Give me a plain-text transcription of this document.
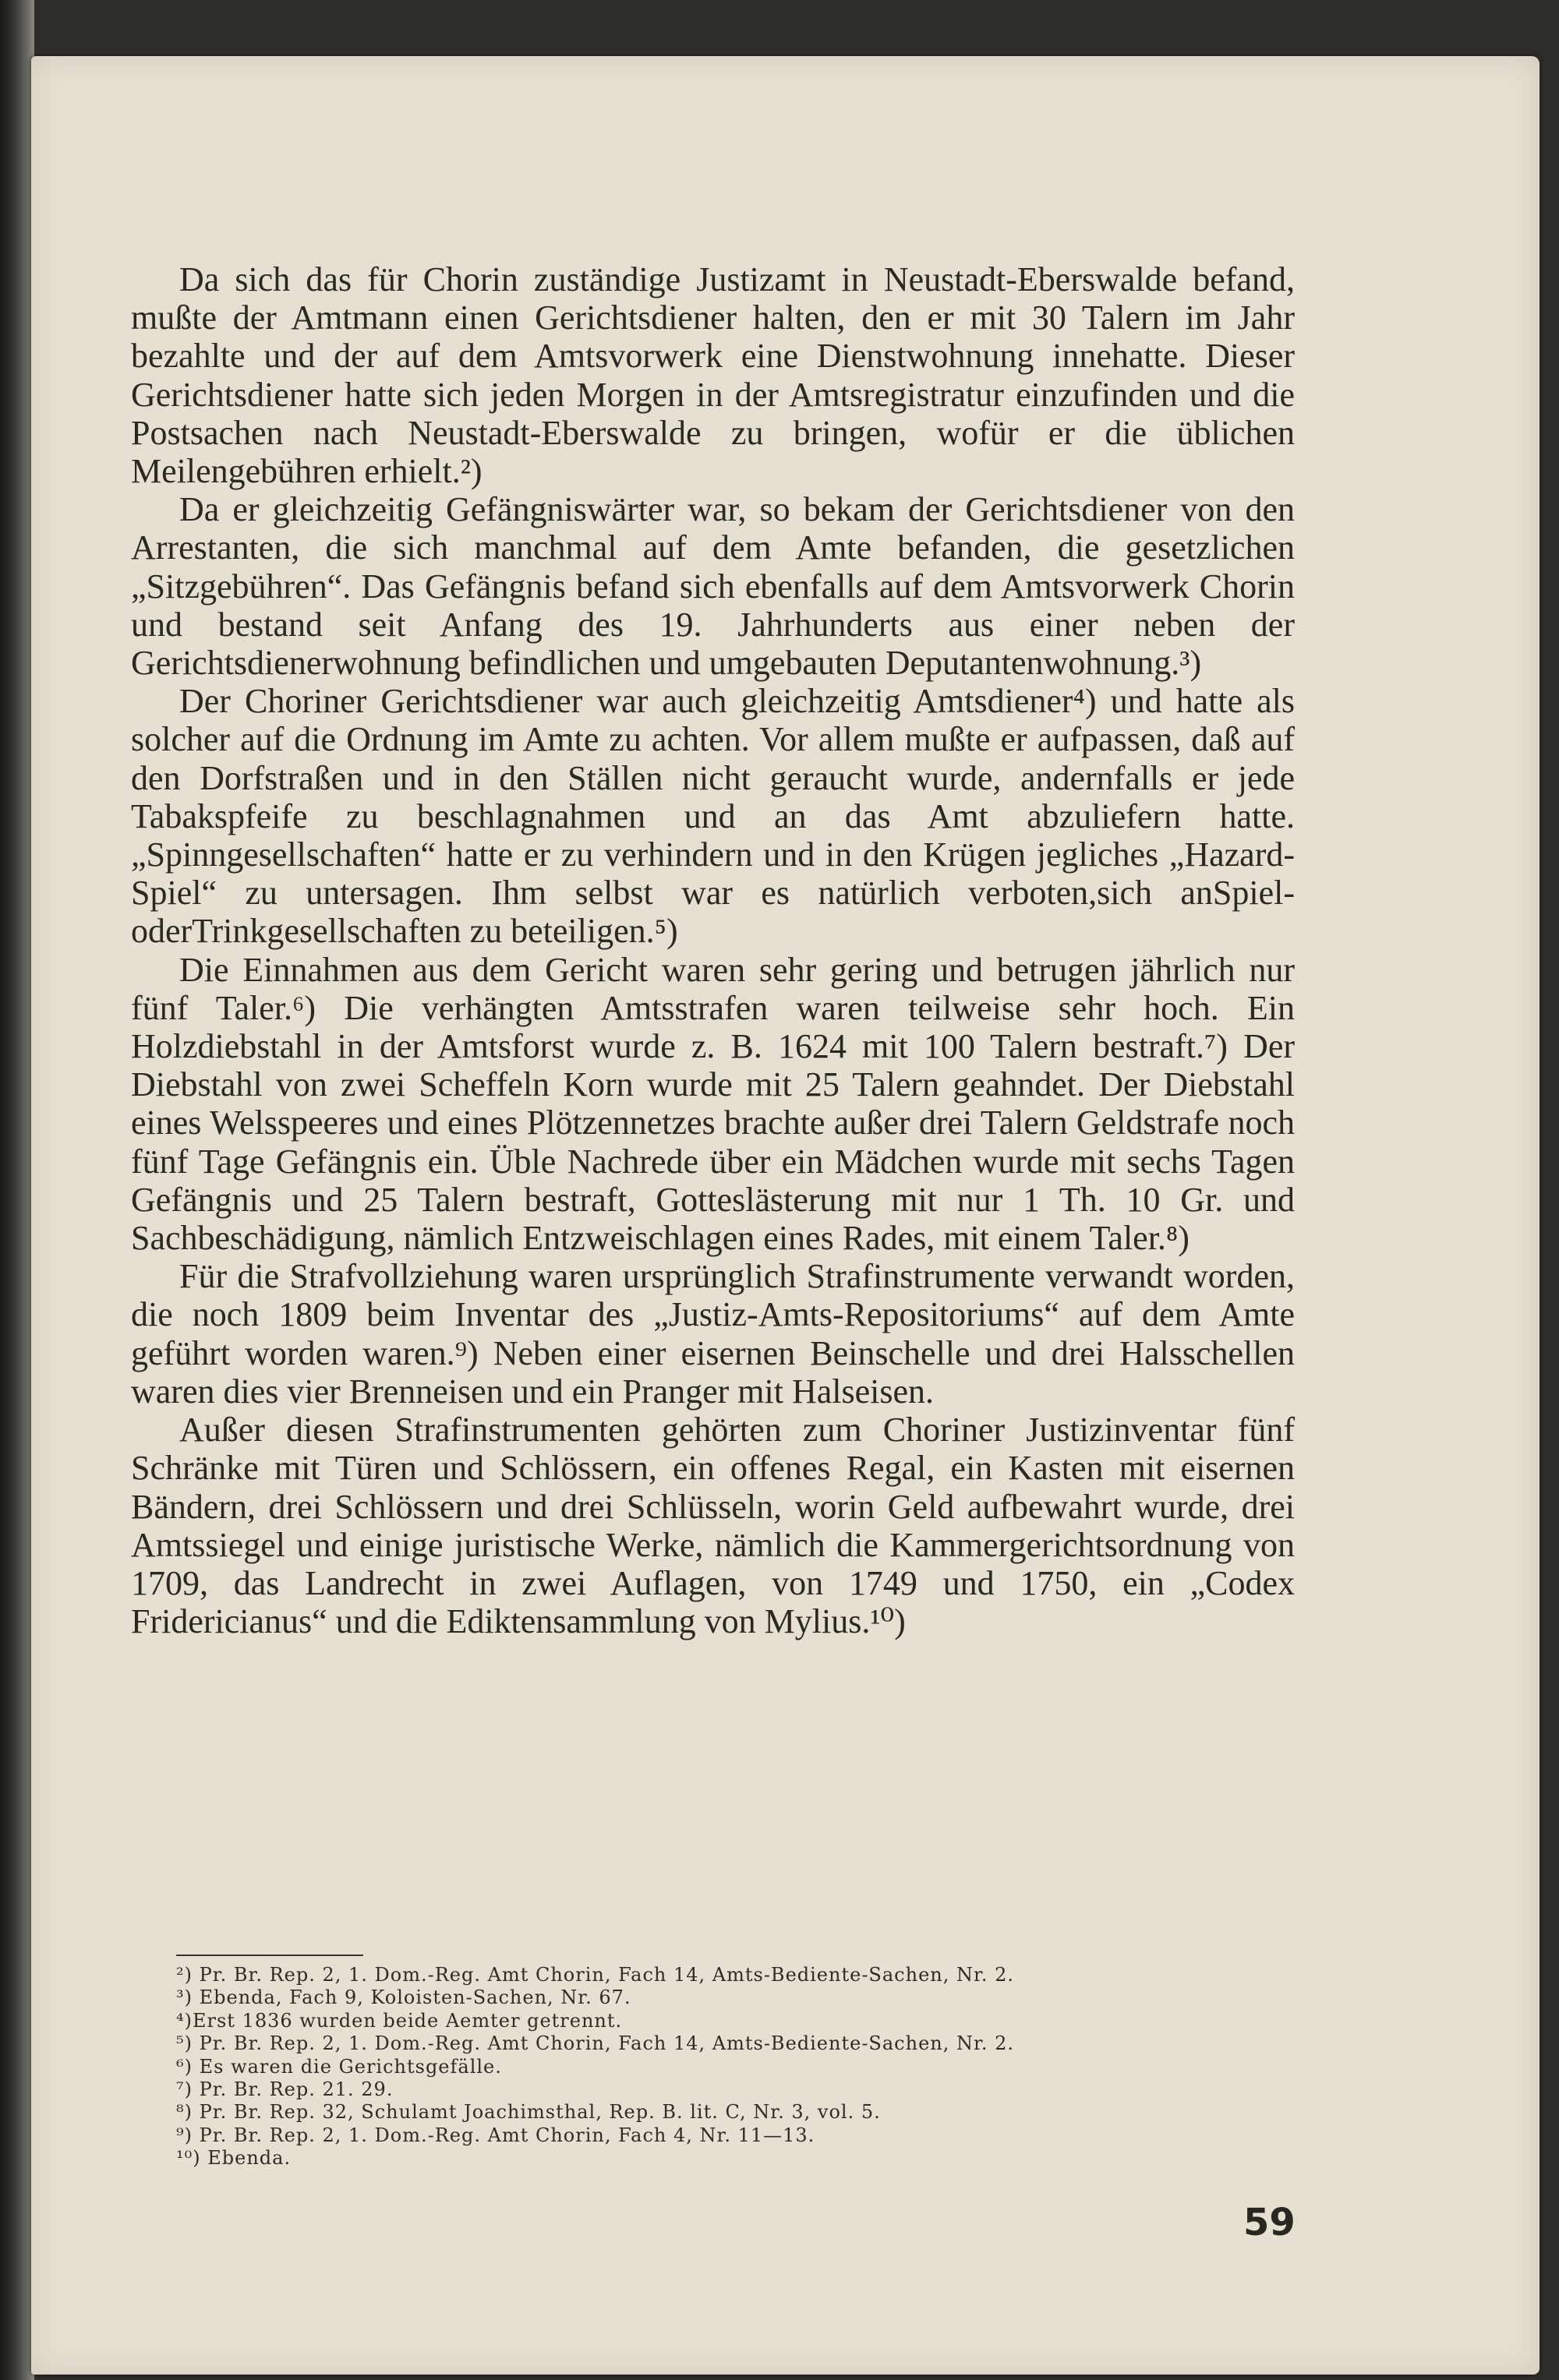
Da sich das für Chorin zuständige Justizamt in Neustadt-Eberswalde befand, mußte der Amtmann einen Gerichtsdiener halten, den er mit 30 Talern im Jahr bezahlte und der auf dem Amtsvorwerk eine Dienstwohnung innehatte. Dieser Gerichtsdiener hatte sich jeden Morgen in der Amtsregistratur einzufinden und die Postsachen nach Neustadt-Eberswalde zu bringen, wofür er die üblichen Meilengebühren erhielt.²)

Da er gleichzeitig Gefängniswärter war, so bekam der Gerichtsdiener von den Arrestanten, die sich manchmal auf dem Amte befanden, die gesetzlichen „Sitzgebühren“. Das Gefängnis befand sich ebenfalls auf dem Amtsvorwerk Chorin und bestand seit Anfang des 19. Jahrhunderts aus einer neben der Gerichtsdienerwohnung befindlichen und umgebauten Deputantenwohnung.³)

Der Choriner Gerichtsdiener war auch gleichzeitig Amtsdiener⁴) und hatte als solcher auf die Ordnung im Amte zu achten. Vor allem mußte er aufpassen, daß auf den Dorfstraßen und in den Ställen nicht geraucht wurde, andernfalls er jede Tabakspfeife zu beschlagnahmen und an das Amt abzuliefern hatte. „Spinngesellschaften“ hatte er zu verhindern und in den Krügen jegliches „Hazard-Spiel“ zu untersagen. Ihm selbst war es natürlich verboten,sich anSpiel- oderTrinkgesellschaften zu beteiligen.⁵)

Die Einnahmen aus dem Gericht waren sehr gering und betrugen jährlich nur fünf Taler.⁶) Die verhängten Amtsstrafen waren teilweise sehr hoch. Ein Holzdiebstahl in der Amtsforst wurde z. B. 1624 mit 100 Talern bestraft.⁷) Der Diebstahl von zwei Scheffeln Korn wurde mit 25 Talern geahndet. Der Diebstahl eines Welsspeeres und eines Plötzennetzes brachte außer drei Talern Geldstrafe noch fünf Tage Gefängnis ein. Üble Nachrede über ein Mädchen wurde mit sechs Tagen Gefängnis und 25 Talern bestraft, Gotteslästerung mit nur 1 Th. 10 Gr. und Sachbeschädigung, nämlich Entzweischlagen eines Rades, mit einem Taler.⁸)

Für die Strafvollziehung waren ursprünglich Strafinstrumente verwandt worden, die noch 1809 beim Inventar des „Justiz-Amts-Repositoriums“ auf dem Amte geführt worden waren.⁹) Neben einer eisernen Beinschelle und drei Halsschellen waren dies vier Brenneisen und ein Pranger mit Halseisen.

Außer diesen Strafinstrumenten gehörten zum Choriner Justizinventar fünf Schränke mit Türen und Schlössern, ein offenes Regal, ein Kasten mit eisernen Bändern, drei Schlössern und drei Schlüsseln, worin Geld aufbewahrt wurde, drei Amtssiegel und einige juristische Werke, nämlich die Kammergerichtsordnung von 1709, das Landrecht in zwei Auflagen, von 1749 und 1750, ein „Codex Fridericianus“ und die Ediktensammlung von Mylius.¹⁰)

²) Pr. Br. Rep. 2, 1. Dom.-Reg. Amt Chorin, Fach 14, Amts-Bediente-Sachen, Nr. 2.
³) Ebenda, Fach 9, Koloisten-Sachen, Nr. 67.
⁴)Erst 1836 wurden beide Aemter getrennt.
⁵) Pr. Br. Rep. 2, 1. Dom.-Reg. Amt Chorin, Fach 14, Amts-Bediente-Sachen, Nr. 2.
⁶) Es waren die Gerichtsgefälle.
⁷) Pr. Br. Rep. 21. 29.
⁸) Pr. Br. Rep. 32, Schulamt Joachimsthal, Rep. B. lit. C, Nr. 3, vol. 5.
⁹) Pr. Br. Rep. 2, 1. Dom.-Reg. Amt Chorin, Fach 4, Nr. 11—13.
¹⁰) Ebenda.
59
